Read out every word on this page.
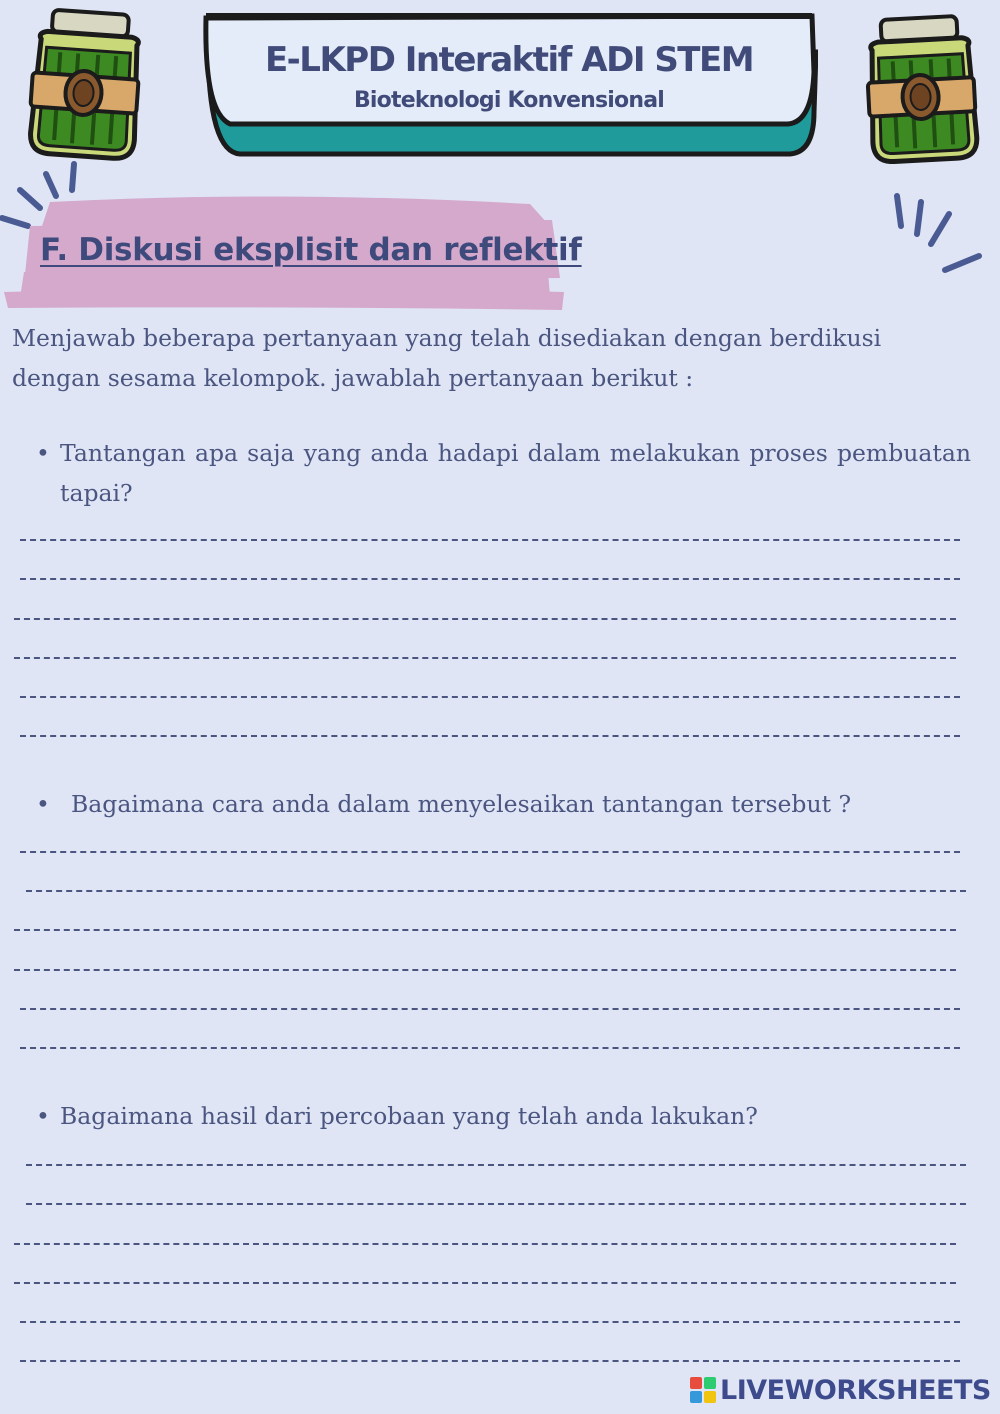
E-LKPD Interaktif ADI STEM
Bioteknologi Konvensional
F. Diskusi eksplisit dan reflektif

Menjawab beberapa pertanyaan yang telah disediakan dengan berdikusi dengan sesama kelompok. jawablah pertanyaan berikut :

• Tantangan apa saja yang anda hadapi dalam melakukan proses pembuatan tapai?
• Bagaimana cara anda dalam menyelesaikan tantangan tersebut ?
• Bagaimana hasil dari percobaan yang telah anda lakukan?
LIVEWORKSHEETS
